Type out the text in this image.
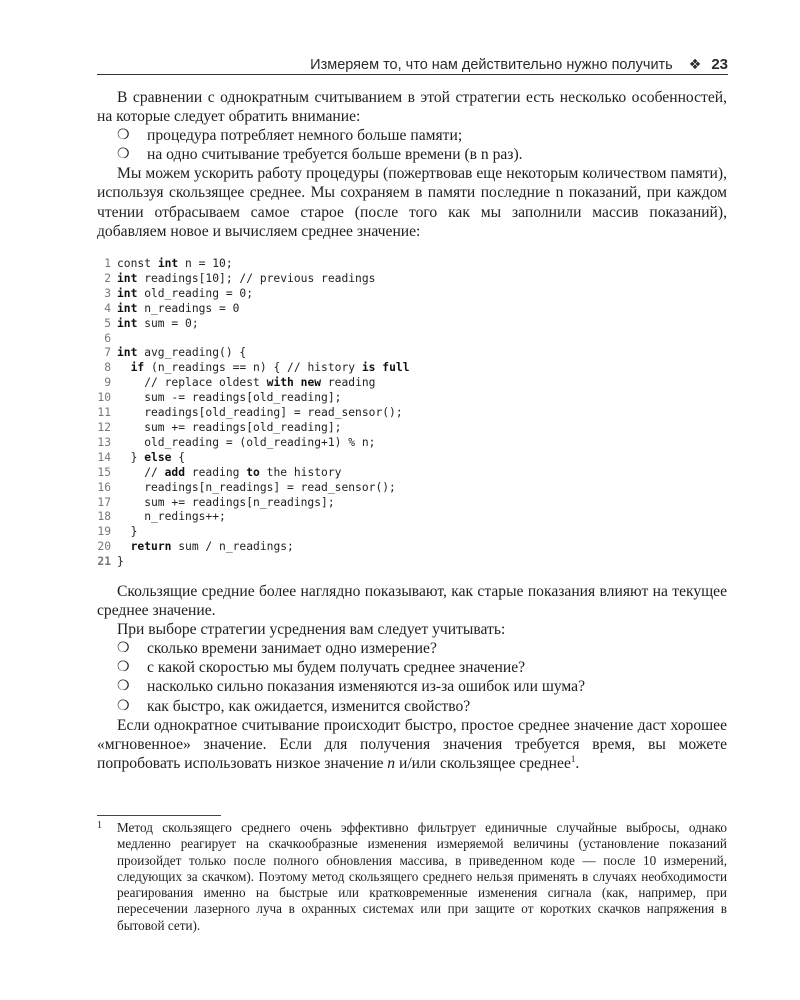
Измеряем то, что нам действительно нужно получить ❖ 23

В сравнении с однократным считыванием в этой стратегии есть несколько особенностей, на которые следует обратить внимание:

❍ процедура потребляет немного больше памяти;
❍ на одно считывание требуется больше времени (в n раз).

Мы можем ускорить работу процедуры (пожертвовав еще некоторым количеством памяти), используя скользящее среднее. Мы сохраняем в памяти последние n показаний, при каждом чтении отбрасываем самое старое (после того как мы заполнили массив показаний), добавляем новое и вычисляем среднее значение:

1 const int n = 10;
2 int readings[10]; // previous readings
3 int old_reading = 0;
4 int n_readings = 0
5 int sum = 0;
6
7 int avg_reading() {
8 if (n_readings == n) { // history is full
9    // replace oldest with new reading
10    sum -= readings[old_reading];
11    readings[old_reading] = read_sensor();
12    sum += readings[old_reading];
13    old_reading = (old_reading+1) % n;
14  } else {
15    // add reading to the history
16    readings[n_readings] = read_sensor();
17    sum += readings[n_readings];
18    n_redings++;
19  }
20 return sum / n_readings;
21 }

Скользящие средние более наглядно показывают, как старые показания влияют на текущее среднее значение.

При выборе стратегии усреднения вам следует учитывать:

❍ сколько времени занимает одно измерение?
❍ с какой скоростью мы будем получать среднее значение?
❍ насколько сильно показания изменяются из-за ошибок или шума?
❍ как быстро, как ожидается, изменится свойство?

Если однократное считывание происходит быстро, простое среднее значение даст хорошее «мгновенное» значение. Если для получения значения требуется время, вы можете попробовать использовать низкое значение n и/или скользящее среднее$^1$.

1 Метод скользящего среднего очень эффективно фильтрует единичные случайные выбросы, однако медленно реагирует на скачкообразные изменения измеряемой величины (установление показаний произойдет только после полного обновления массива, в приведенном коде — после 10 измерений, следующих за скачком). Поэтому метод скользящего среднего нельзя применять в случаях необходимости реагирования именно на быстрые или кратковременные изменения сигнала (как, например, при пересечении лазерного луча в охранных системах или при защите от коротких скачков напряжения в бытовой сети).
